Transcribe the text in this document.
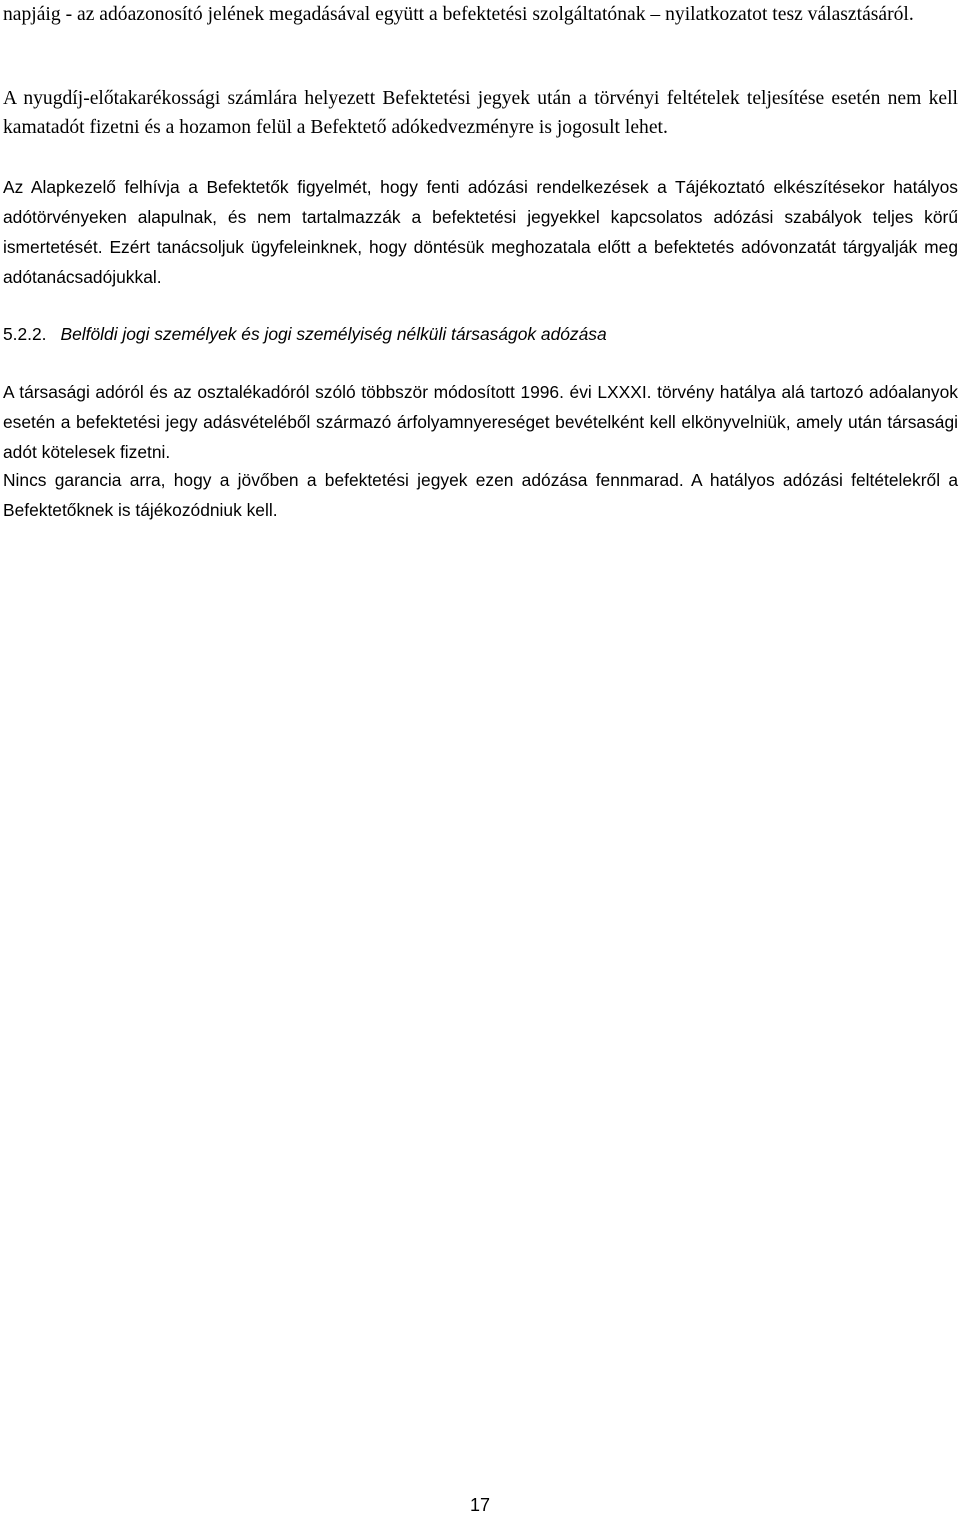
napjáig - az adóazonosító jelének megadásával együtt a befektetési szolgáltatónak – nyilatkozatot tesz választásáról.

A nyugdíj-előtakarékossági számlára helyezett Befektetési jegyek után a törvényi feltételek teljesítése esetén nem kell kamatadót fizetni és a hozamon felül a Befektető adókedvezményre is jogosult lehet.

Az Alapkezelő felhívja a Befektetők figyelmét, hogy fenti adózási rendelkezések a Tájékoztató elkészítésekor hatályos adótörvényeken alapulnak, és nem tartalmazzák a befektetési jegyekkel kapcsolatos adózási szabályok teljes körű ismertetését. Ezért tanácsoljuk ügyfeleinknek, hogy döntésük meghozatala előtt a befektetés adóvonzatát tárgyalják meg adótanácsadójukkal.

5.2.2. Belföldi jogi személyek és jogi személyiség nélküli társaságok adózása

A társasági adóról és az osztalékadóról szóló többször módosított 1996. évi LXXXI. törvény hatálya alá tartozó adóalanyok esetén a befektetési jegy adásvételéből származó árfolyamnyereséget bevételként kell elkönyvelniük, amely után társasági adót kötelesek fizetni.

Nincs garancia arra, hogy a jövőben a befektetési jegyek ezen adózása fennmarad. A hatályos adózási feltételekről a Befektetőknek is tájékozódniuk kell.

17
